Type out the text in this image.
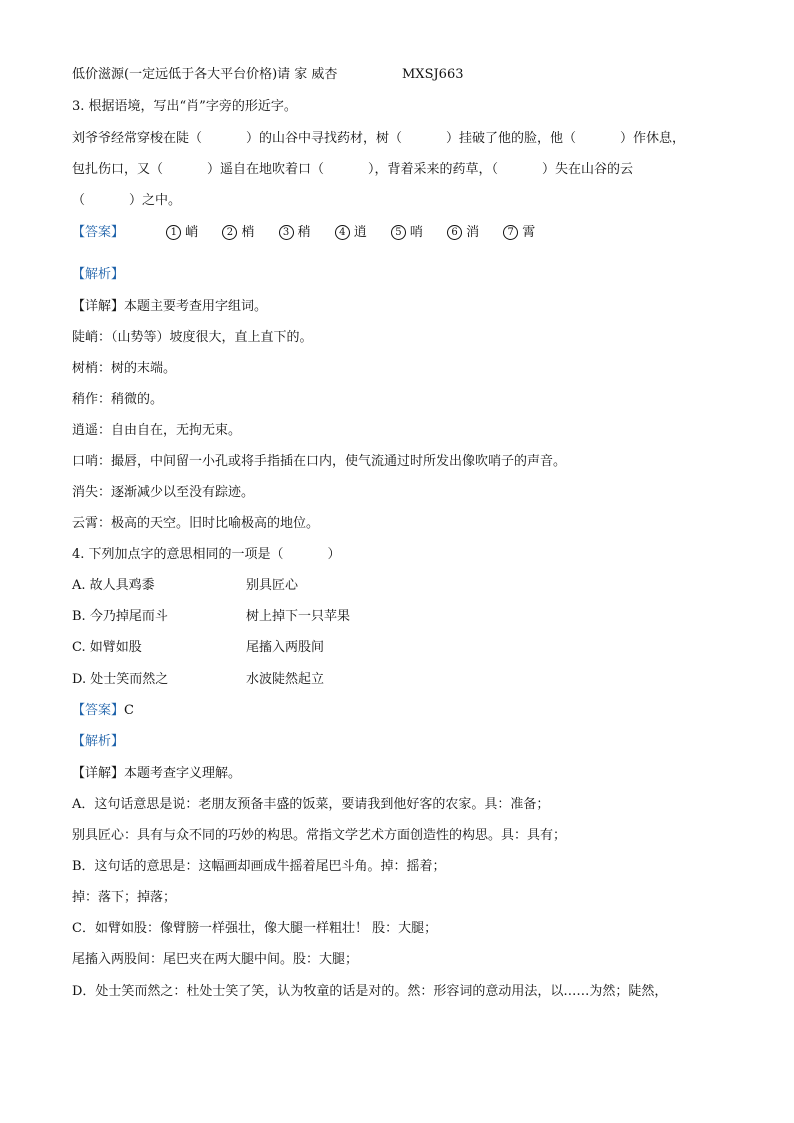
低价滋源(一定远低于各大平台价格)请 家 威杏	MXSJ663
3. 根据语境，写出“肖”字旁的形近字。
刘爷爷经常穿梭在陡（	）的山谷中寻找药材，树（	）挂破了他的脸，他（	）作休息，
包扎伤口，又（	）遥自在地吹着口（	），背着采来的药草，（	）失在山谷的云
（	）之中。
【答案】	1 峭	2 梢	3 稍	4 逍	5 哨	6 消	7 霄
【解析】
【详解】本题主要考查用字组词。
陡峭：（山势等）坡度很大，直上直下的。
树梢：树的末端。
稍作：稍微的。
逍遥：自由自在，无拘无束。
口哨：撮唇，中间留一小孔或将手指插在口内，使气流通过时所发出像吹哨子的声音。
消失：逐渐减少以至没有踪迹。
云霄：极高的天空。旧时比喻极高的地位。
4. 下列加点字的意思相同的一项是（	）
A. 故人具鸡黍	别具匠心
B. 今乃掉尾而斗	树上掉下一只苹果
C. 如臂如股	尾搐入两股间
D. 处士笑而然之	水波陡然起立
【答案】C
【解析】
【详解】本题考查字义理解。
A．这句话意思是说：老朋友预备丰盛的饭菜，要请我到他好客的农家。具：准备；
别具匠心：具有与众不同的巧妙的构思。常指文学艺术方面创造性的构思。具：具有；
B．这句话的意思是：这幅画却画成牛摇着尾巴斗角。掉：摇着；
掉：落下；掉落；
C．如臂如股：像臂膀一样强壮，像大腿一样粗壮！ 股：大腿；
尾搐入两股间：尾巴夹在两大腿中间。股：大腿；
D．处士笑而然之：杜处士笑了笑，认为牧童的话是对的。然：形容词的意动用法，以……为然；陡然，
